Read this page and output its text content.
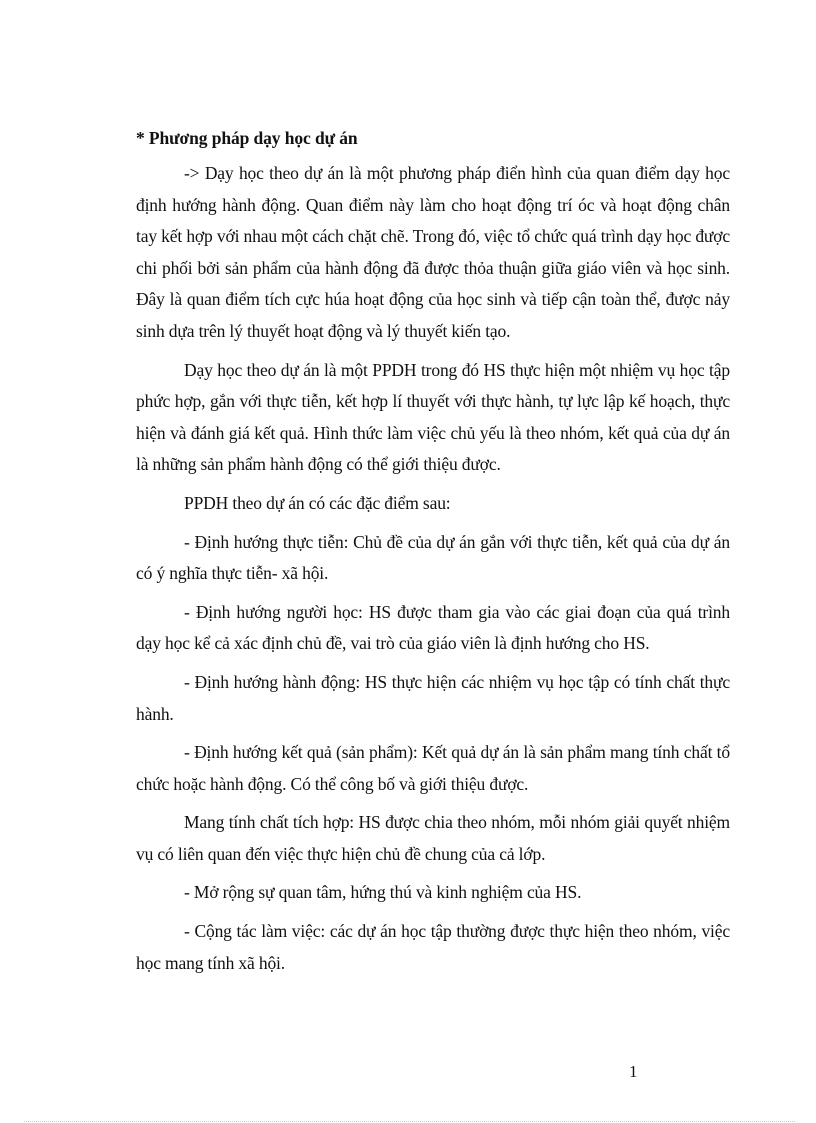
* Phương pháp dạy học dự án

-> Dạy học theo dự án là một phương pháp điển hình của quan điểm dạy học định hướng hành động. Quan điểm này làm cho hoạt động trí óc và hoạt động chân tay kết hợp với nhau một cách chặt chẽ. Trong đó, việc tổ chức quá trình dạy học được chi phối bởi sản phẩm của hành động đã được thỏa thuận giữa giáo viên và học sinh. Đây là quan điểm tích cực húa hoạt động của học sinh và tiếp cận toàn thể, được nảy sinh dựa trên lý thuyết hoạt động và lý thuyết kiến tạo.

Dạy học theo dự án là một PPDH trong đó HS thực hiện một nhiệm vụ học tập phức hợp, gắn với thực tiễn, kết hợp lí thuyết với thực hành, tự lực lập kế hoạch, thực hiện và đánh giá kết quả. Hình thức làm việc chủ yếu là theo nhóm, kết quả của dự án là những sản phẩm hành động có thể giới thiệu được.

PPDH theo dự án có các đặc điểm sau:

- Định hướng thực tiễn: Chủ đề của dự án gắn với thực tiễn, kết quả của dự án có ý nghĩa thực tiễn- xã hội.

- Định hướng người học: HS được tham gia vào các giai đoạn của quá trình dạy học kể cả xác định chủ đề, vai trò của giáo viên là định hướng cho HS.

- Định hướng hành động: HS thực hiện các nhiệm vụ học tập có tính chất thực hành.

- Định hướng kết quả (sản phẩm): Kết quả dự án là sản phẩm mang tính chất tổ chức hoặc hành động. Có thể công bố và giới thiệu được.

Mang tính chất tích hợp: HS được chia theo nhóm, mỗi nhóm giải quyết nhiệm vụ có liên quan đến việc thực hiện chủ đề chung của cả lớp.

- Mở rộng sự quan tâm, hứng thú và kinh nghiệm của HS.

- Cộng tác làm việc: các dự án học tập thường được thực hiện theo nhóm, việc học mang tính xã hội.

1
